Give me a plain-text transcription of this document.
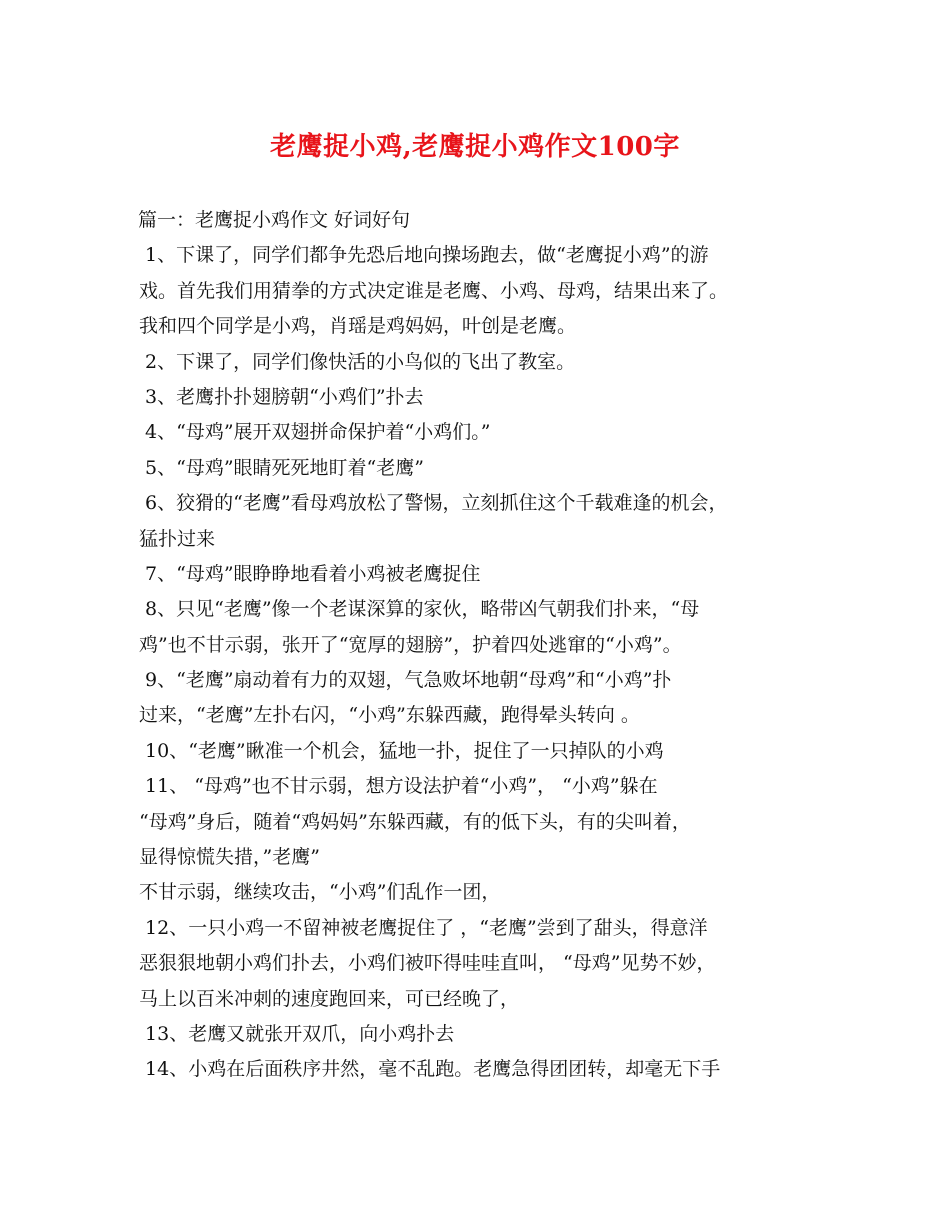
老鹰捉小鸡,老鹰捉小鸡作文100字
篇一：老鹰捉小鸡作文 好词好句
1、下课了，同学们都争先恐后地向操场跑去，做“老鹰捉小鸡”的游
戏。首先我们用猜拳的方式决定谁是老鹰、小鸡、母鸡，结果出来了。
我和四个同学是小鸡，肖瑶是鸡妈妈，叶创是老鹰。
2、下课了，同学们像快活的小鸟似的飞出了教室。
3、老鹰扑扑翅膀朝“小鸡们”扑去
4、“母鸡”展开双翅拼命保护着“小鸡们。”
5、“母鸡”眼睛死死地盯着“老鹰”
6、狡猾的“老鹰”看母鸡放松了警惕，立刻抓住这个千载难逢的机会，
猛扑过来
7、“母鸡”眼睁睁地看着小鸡被老鹰捉住
8、只见“老鹰”像一个老谋深算的家伙，略带凶气朝我们扑来，“母
鸡”也不甘示弱，张开了“宽厚的翅膀”，护着四处逃窜的“小鸡”。
9、“老鹰”扇动着有力的双翅，气急败坏地朝“母鸡”和“小鸡”扑
过来，“老鹰”左扑右闪，“小鸡”东躲西藏，跑得晕头转向 。
10、“老鹰”瞅准一个机会，猛地一扑，捉住了一只掉队的小鸡
11、 “母鸡”也不甘示弱，想方设法护着“小鸡”， “小鸡”躲在
“母鸡”身后，随着“鸡妈妈”东躲西藏，有的低下头，有的尖叫着，
显得惊慌失措，”老鹰”
不甘示弱，继续攻击，“小鸡”们乱作一团，
12、一只小鸡一不留神被老鹰捉住了 ，“老鹰”尝到了甜头，得意洋
恶狠狠地朝小鸡们扑去，小鸡们被吓得哇哇直叫， “母鸡”见势不妙，
马上以百米冲刺的速度跑回来，可已经晚了，
13、老鹰又就张开双爪，向小鸡扑去
14、小鸡在后面秩序井然，毫不乱跑。老鹰急得团团转，却毫无下手
